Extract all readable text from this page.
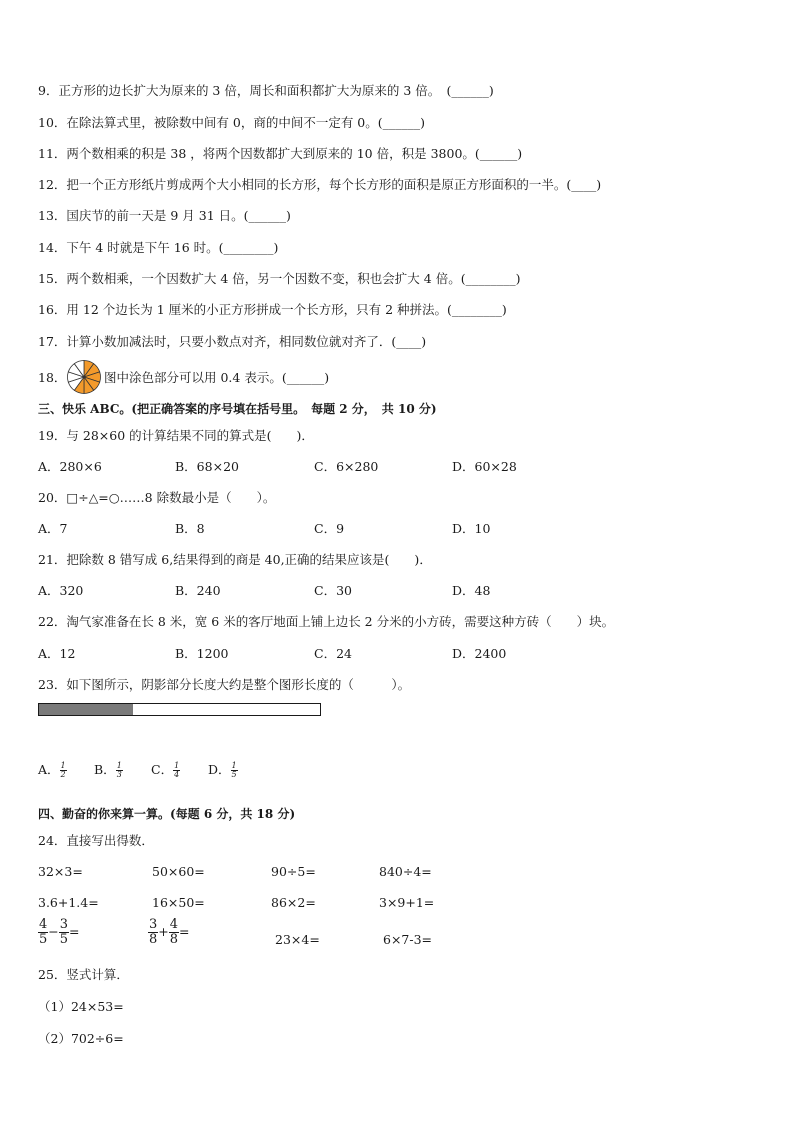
9．正方形的边长扩大为原来的 3 倍，周长和面积都扩大为原来的 3 倍。　(______)
10．在除法算式里，被除数中间有 0，商的中间不一定有 0。(______)
11．两个数相乘的积是 38 ，将两个因数都扩大到原来的 10 倍，积是 3800。(______)
12．把一个正方形纸片剪成两个大小相同的长方形，每个长方形的面积是原正方形面积的一半。(____)
13．国庆节的前一天是 9 月 31 日。(______)
14．下午 4 时就是下午 16 时。(________)
15．两个数相乘，一个因数扩大 4 倍，另一个因数不变，积也会扩大 4 倍。(________)
16．用 12 个边长为 1 厘米的小正方形拼成一个长方形，只有 2 种拼法。(________)
17．计算小数加减法时，只要小数点对齐，相同数位就对齐了．(____)
18．	图中涂色部分可以用 0.4 表示。(______)
三、快乐 ABC。(把正确答案的序号填在括号里。　每题 2 分，　共 10 分)
19．与 28×60 的计算结果不同的算式是(　　)．
A．280×6	B．68×20	C．6×280	D．60×28
20．□÷△=○……8 除数最小是（　　）。
A．7	B．8	C．9	D．10
21．把除数 8 错写成 6,结果得到的商是 40,正确的结果应该是(　　)．
A．320	B．240	C．30	D．48
22．淘气家准备在长 8 米，宽 6 米的客厅地面上铺上边长 2 分米的小方砖，需要这种方砖（　　）块。
A．12	B．1200	C．24	D．2400
23．如下图所示，阴影部分长度大约是整个图形长度的（　　　）。
A． $\frac{1}{2}$ B． $\frac{1}{3}$ C． $\frac{1}{4}$ D． $\frac{1}{5}$
四、勤奋的你来算一算。(每题 6 分，共 18 分)
24．直接写出得数．
32×3=	50×60=	90÷5=	840÷4=
3.6+1.4=	16×50=	86×2=	3×9+1=
$\frac{4}{5} - \frac{3}{5}$ =	$\frac{3}{8} + \frac{4}{8}$ =
23×4=	6×7-3=
25．竖式计算．
（1）24×53=
（2）702÷6=
